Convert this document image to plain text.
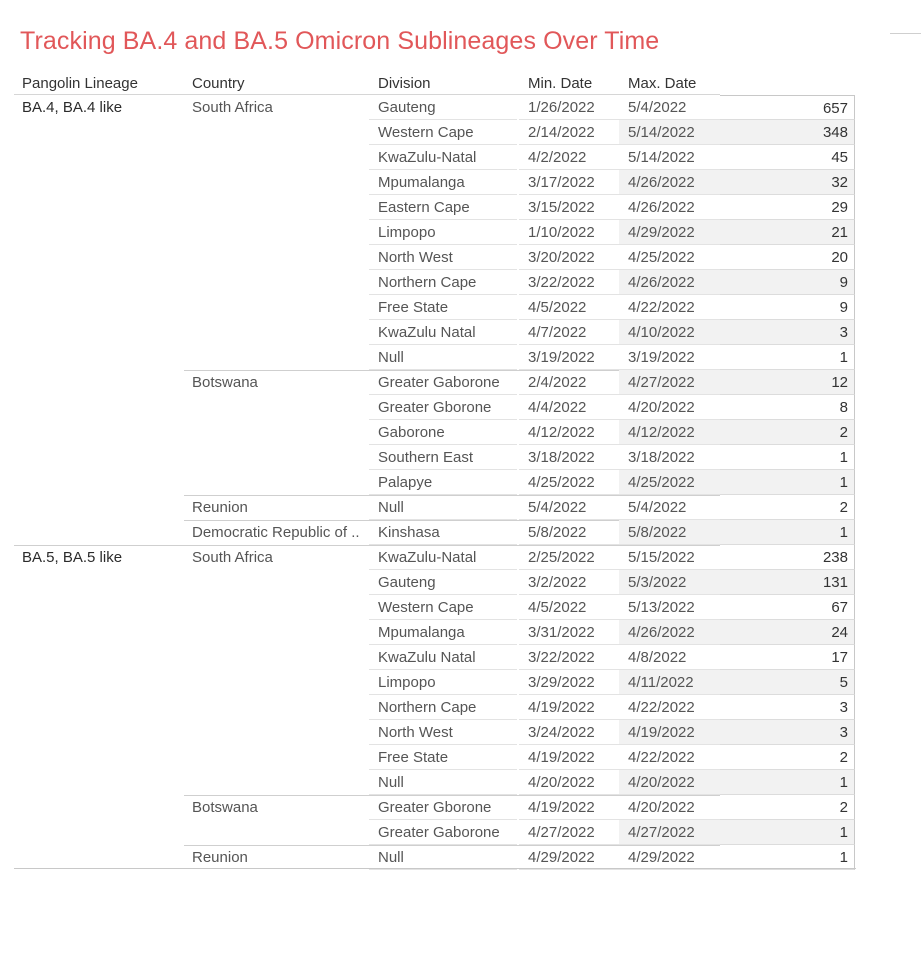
Tracking BA.4 and BA.5 Omicron Sublineages Over Time
Pangolin Lineage	Country	Division	Min. Date Max. Date
BA.4, BA.4 like	South Africa	Gauteng	1/26/2022	5/4/2022	657
Western Cape	2/14/2022	5/14/2022	348
KwaZulu-Natal	4/2/2022	5/14/2022	45
Mpumalanga	3/17/2022	4/26/2022	32
Eastern Cape	3/15/2022	4/26/2022	29
Limpopo	1/10/2022	4/29/2022	21
North West	3/20/2022	4/25/2022	20
Northern Cape	3/22/2022	4/26/2022	9
Free State	4/5/2022	4/22/2022	9
KwaZulu Natal	4/7/2022	4/10/2022	3
Null	3/19/2022	3/19/2022	1
Botswana	Greater Gaborone	2/4/2022	4/27/2022	12
Greater Gborone	4/4/2022	4/20/2022	8
Gaborone	4/12/2022	4/12/2022	2
Southern East	3/18/2022	3/18/2022	1
Palapye	4/25/2022	4/25/2022	1
Reunion	Null	5/4/2022	5/4/2022	2
Democratic Republic of ..	Kinshasa	5/8/2022	5/8/2022	1
BA.5, BA.5 like	South Africa	KwaZulu-Natal	2/25/2022	5/15/2022	238
Gauteng	3/2/2022	5/3/2022	131
Western Cape	4/5/2022	5/13/2022	67
Mpumalanga	3/31/2022	4/26/2022	24
KwaZulu Natal	3/22/2022	4/8/2022	17
Limpopo	3/29/2022	4/11/2022	5
Northern Cape	4/19/2022	4/22/2022	3
North West	3/24/2022	4/19/2022	3
Free State	4/19/2022	4/22/2022	2
Null	4/20/2022	4/20/2022	1
Botswana	Greater Gborone	4/19/2022	4/20/2022	2
Greater Gaborone	4/27/2022	4/27/2022	1
Reunion	Null	4/29/2022	4/29/2022	1
